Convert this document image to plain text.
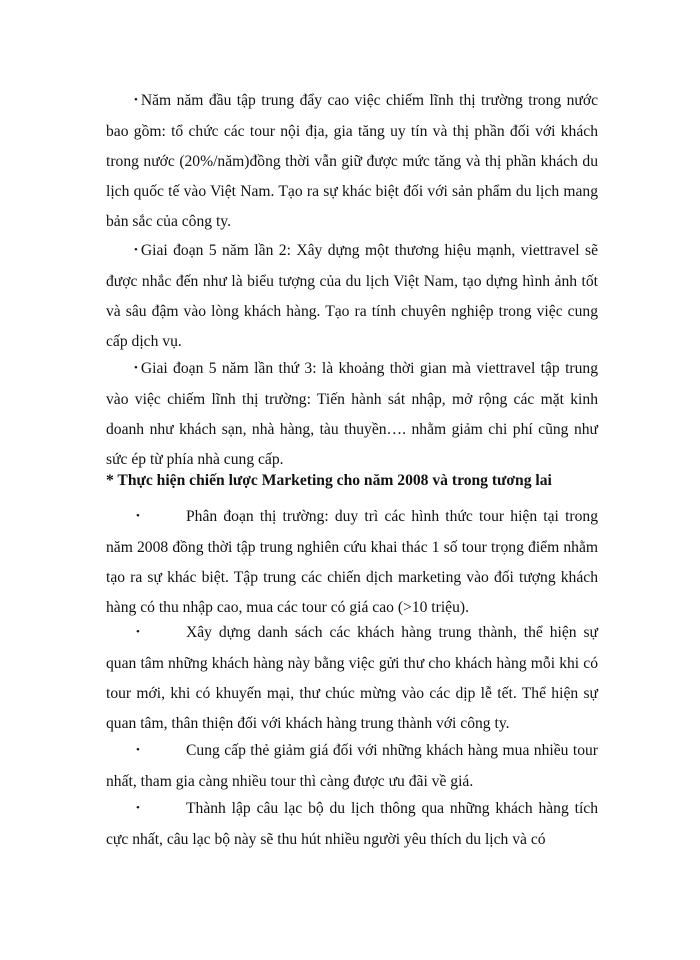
• Năm năm đầu tập trung đẩy cao việc chiếm lĩnh thị trường trong nước bao gồm: tổ chức các tour nội địa, gia tăng uy tín và thị phần đối với khách trong nước (20%/năm)đồng thời vẫn giữ được mức tăng và thị phần khách du lịch quốc tế vào Việt Nam. Tạo ra sự khác biệt đối với sản phẩm du lịch mang bản sắc của công ty.

• Giai đoạn 5 năm lần 2: Xây dựng một thương hiệu mạnh, viettravel sẽ được nhắc đến như là biểu tượng của du lịch Việt Nam, tạo dựng hình ảnh tốt và sâu đậm vào lòng khách hàng. Tạo ra tính chuyên nghiệp trong việc cung cấp dịch vụ.

• Giai đoạn 5 năm lần thứ 3: là khoảng thời gian mà viettravel tập trung vào việc chiếm lĩnh thị trường: Tiến hành sát nhập, mở rộng các mặt kinh doanh như khách sạn, nhà hàng, tàu thuyền…. nhằm giảm chi phí cũng như sức ép từ phía nhà cung cấp.

* Thực hiện chiến lược Marketing cho năm 2008 và trong tương lai

•	Phân đoạn thị trường: duy trì các hình thức tour hiện tại trong năm 2008 đồng thời tập trung nghiên cứu khai thác 1 số tour trọng điểm nhằm tạo ra sự khác biệt. Tập trung các chiến dịch marketing vào đối tượng khách hàng có thu nhập cao, mua các tour có giá cao (>10 triệu).

•	Xây dựng danh sách các khách hàng trung thành, thể hiện sự quan tâm những khách hàng này bằng việc gửi thư cho khách hàng mỗi khi có tour mới, khi có khuyến mại, thư chúc mừng vào các dịp lễ tết. Thể hiện sự quan tâm, thân thiện đối với khách hàng trung thành với công ty.

•	Cung cấp thẻ giảm giá đối với những khách hàng mua nhiều tour nhất, tham gia càng nhiều tour thì càng được ưu đãi về giá.

•	Thành lập câu lạc bộ du lịch thông qua những khách hàng tích cực nhất, câu lạc bộ này sẽ thu hút nhiều người yêu thích du lịch và có
